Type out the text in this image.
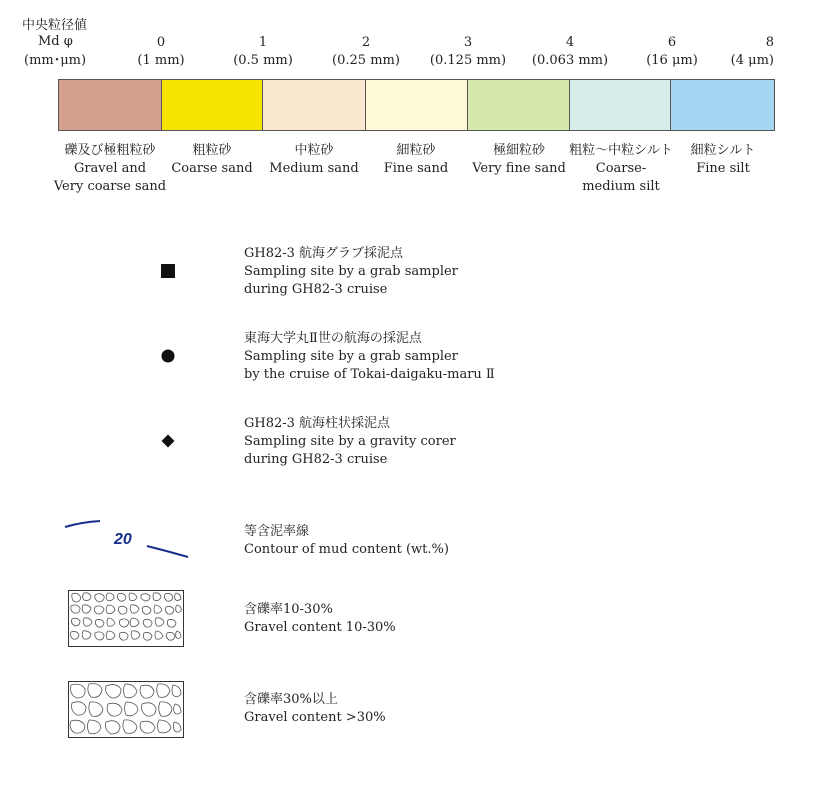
中央粒径値
Md φ
(mm･μm)
0
(1 mm)
1
(0.5 mm)
2
(0.25 mm)
3
(0.125 mm)
4
(0.063 mm)
6
(16 μm)
8
(4 μm)
礫及び極粗粒砂
Gravel and
Very coarse sand
粗粒砂
Coarse sand
中粒砂
Medium sand
細粒砂
Fine sand
極細粒砂
Very fine sand
粗粒～中粒シルト
Coarse-
medium silt
細粒シルト
Fine silt
GH82-3 航海グラブ採泥点
Sampling site by a grab sampler
during GH82-3 cruise
東海大学丸Ⅱ世の航海の採泥点
Sampling site by a grab sampler
by the cruise of Tokai-daigaku-maru Ⅱ
GH82-3 航海柱状採泥点
Sampling site by a gravity corer
during GH82-3 cruise
20	等含泥率線
Contour of mud content (wt.%)
含礫率10-30%
Gravel content 10-30%
含礫率30%以上
Gravel content >30%
